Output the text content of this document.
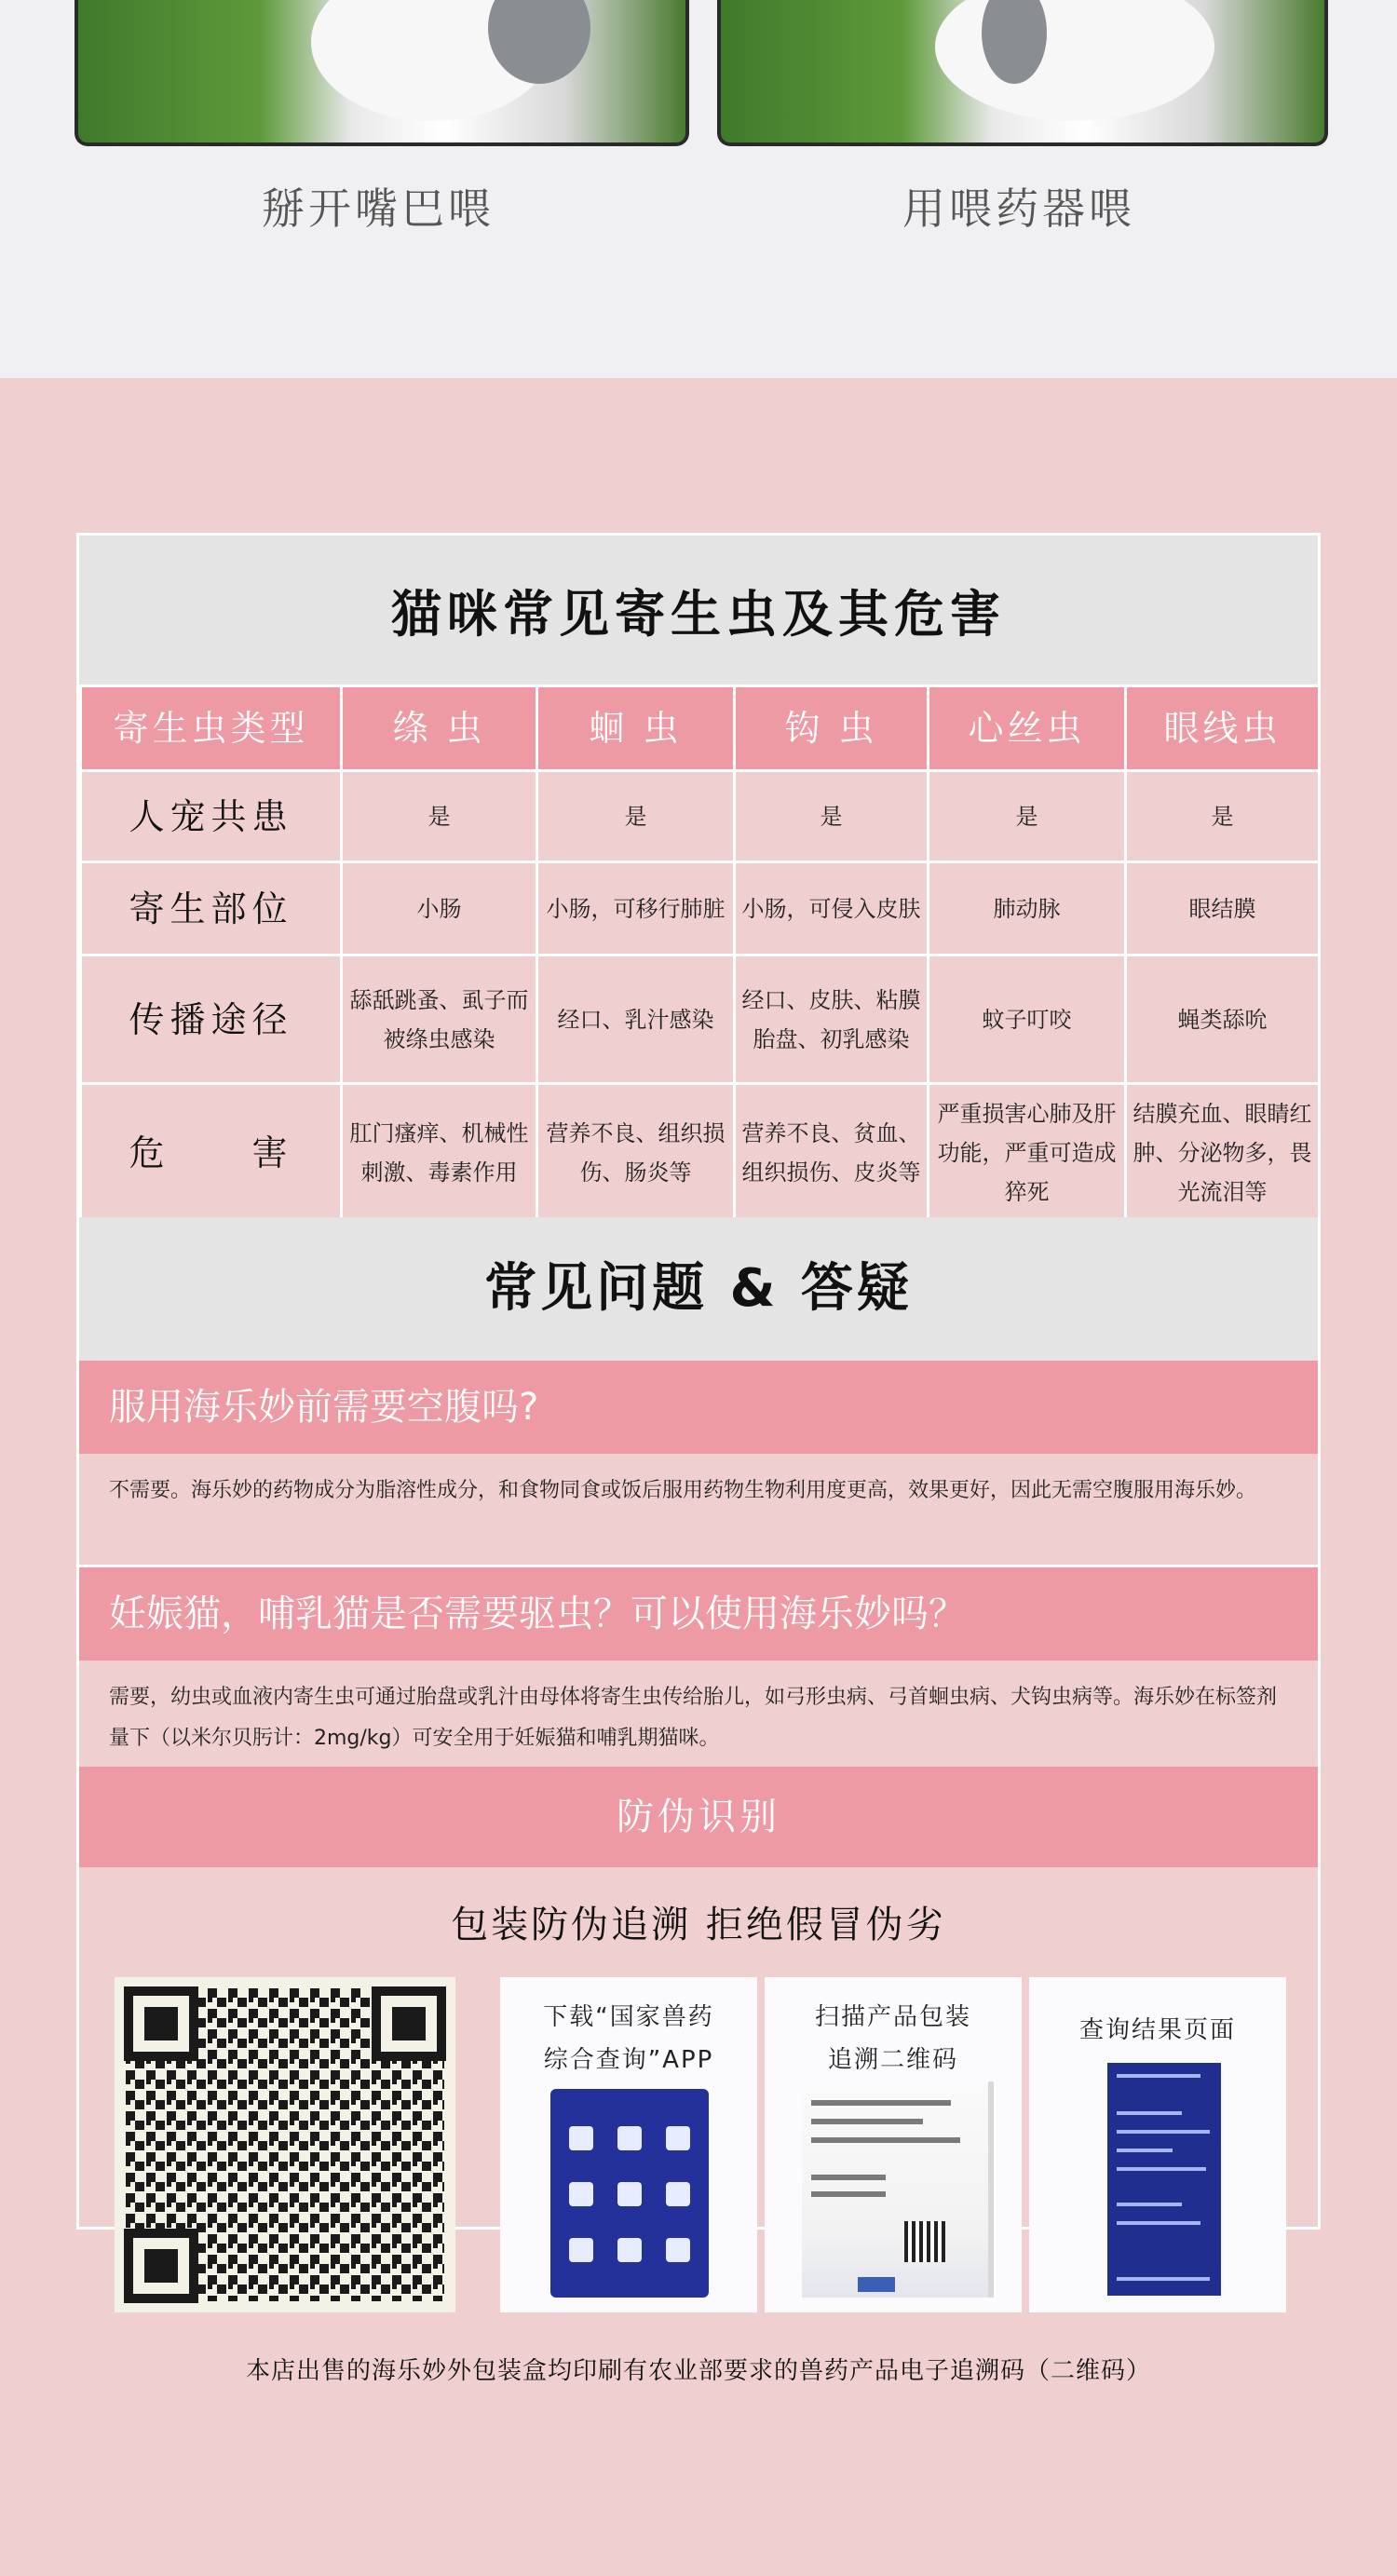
掰开嘴巴喂	用喂药器喂
猫咪常见寄生虫及其危害
寄生虫类型	绦 虫	蛔 虫	钩 虫	心丝虫	眼线虫
人宠共患	是	是	是	是	是
寄生部位	小肠	小肠，可移行肺脏	小肠，可侵入皮肤	肺动脉	眼结膜
传播途径	舔舐跳蚤、虱子而被绦虫感染	经口、乳汁感染	经口、皮肤、粘膜胎盘、初乳感染	蚊子叮咬	蝇类舔吮
危　　害	肛门瘙痒、机械性刺激、毒素作用	营养不良、组织损伤、肠炎等	营养不良、贫血、组织损伤、皮炎等	严重损害心肺及肝功能，严重可造成猝死	结膜充血、眼睛红肿、分泌物多，畏光流泪等
常见问题 & 答疑
服用海乐妙前需要空腹吗?
不需要。海乐妙的药物成分为脂溶性成分，和食物同食或饭后服用药物生物利用度更高，效果更好，因此无需空腹服用海乐妙。
妊娠猫，哺乳猫是否需要驱虫？可以使用海乐妙吗？
需要，幼虫或血液内寄生虫可通过胎盘或乳汁由母体将寄生虫传给胎儿，如弓形虫病、弓首蛔虫病、犬钩虫病等。海乐妙在标签剂量下（以米尔贝肟计：2mg/kg）可安全用于妊娠猫和哺乳期猫咪。
防伪识别
包装防伪追溯 拒绝假冒伪劣
下载“国家兽药
综合查询”APP
扫描产品包装
追溯二维码
查询结果页面
本店出售的海乐妙外包装盒均印刷有农业部要求的兽药产品电子追溯码（二维码）
